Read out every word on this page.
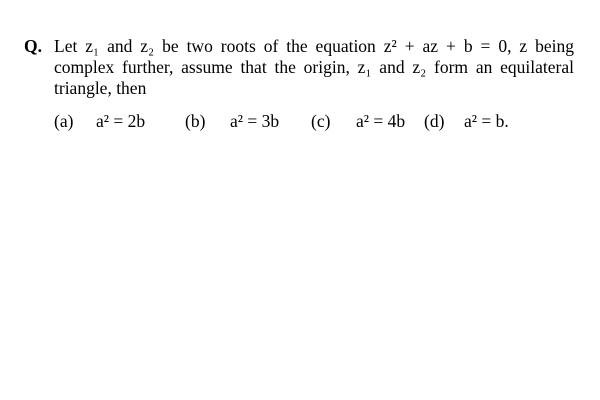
Q. Let z₁ and z₂ be two roots of the equation z² + az + b = 0, z being
complex further, assume that the origin, z₁ and z₂ form an equilateral
triangle, then
(a) a² = 2b (b) a² = 3b (c) a² = 4b (d) a² = b.
